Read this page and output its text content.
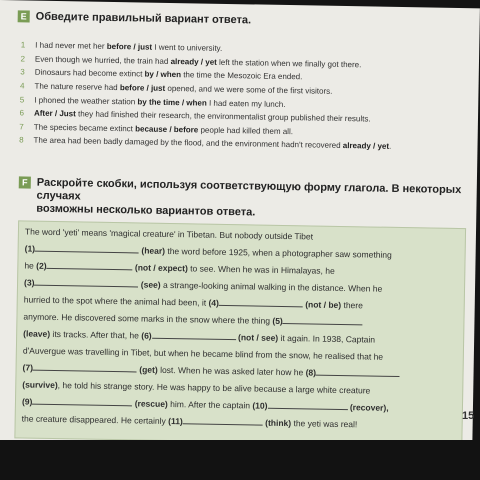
E Обведите правильный вариант ответа.
1 I had never met her before / just I went to university.
2 Even though we hurried, the train had already / yet left the station when we finally got there.
3 Dinosaurs had become extinct by / when the time the Mesozoic Era ended.
4 The nature reserve had before / just opened, and we were some of the first visitors.
5 I phoned the weather station by the time / when I had eaten my lunch.
6 After / Just they had finished their research, the environmentalist group published their results.
7 The species became extinct because / before people had killed them all.
8 The area had been badly damaged by the flood, and the environment hadn't recovered already / yet.
F Раскройте скобки, используя соответствующую форму глагола. В некоторых случаях
возможны несколько вариантов ответа.
The word 'yeti' means 'magical creature' in Tibetan. But nobody outside Tibet
(1)	(hear) the word before 1925, when a photographer saw something
he (2)	(not / expect) to see. When he was in Himalayas, he
(3)	(see) a strange-looking animal walking in the distance. When he
hurried to the spot where the animal had been, it (4)	(not / be) there
anymore. He discovered some marks in the snow where the thing (5)
(leave) its tracks. After that, he (6)	(not / see) it again. In 1938, Captain
d'Auvergue was travelling in Tibet, but when he became blind from the snow, he realised that he
(7)	(get) lost. When he was asked later how he (8)
(survive), he told his strange story. He was happy to be alive because a large white creature
(9)	(rescue) him. After the captain (10)	(recover),
the creature disappeared. He certainly (11)	(think) the yeti was real!
15
